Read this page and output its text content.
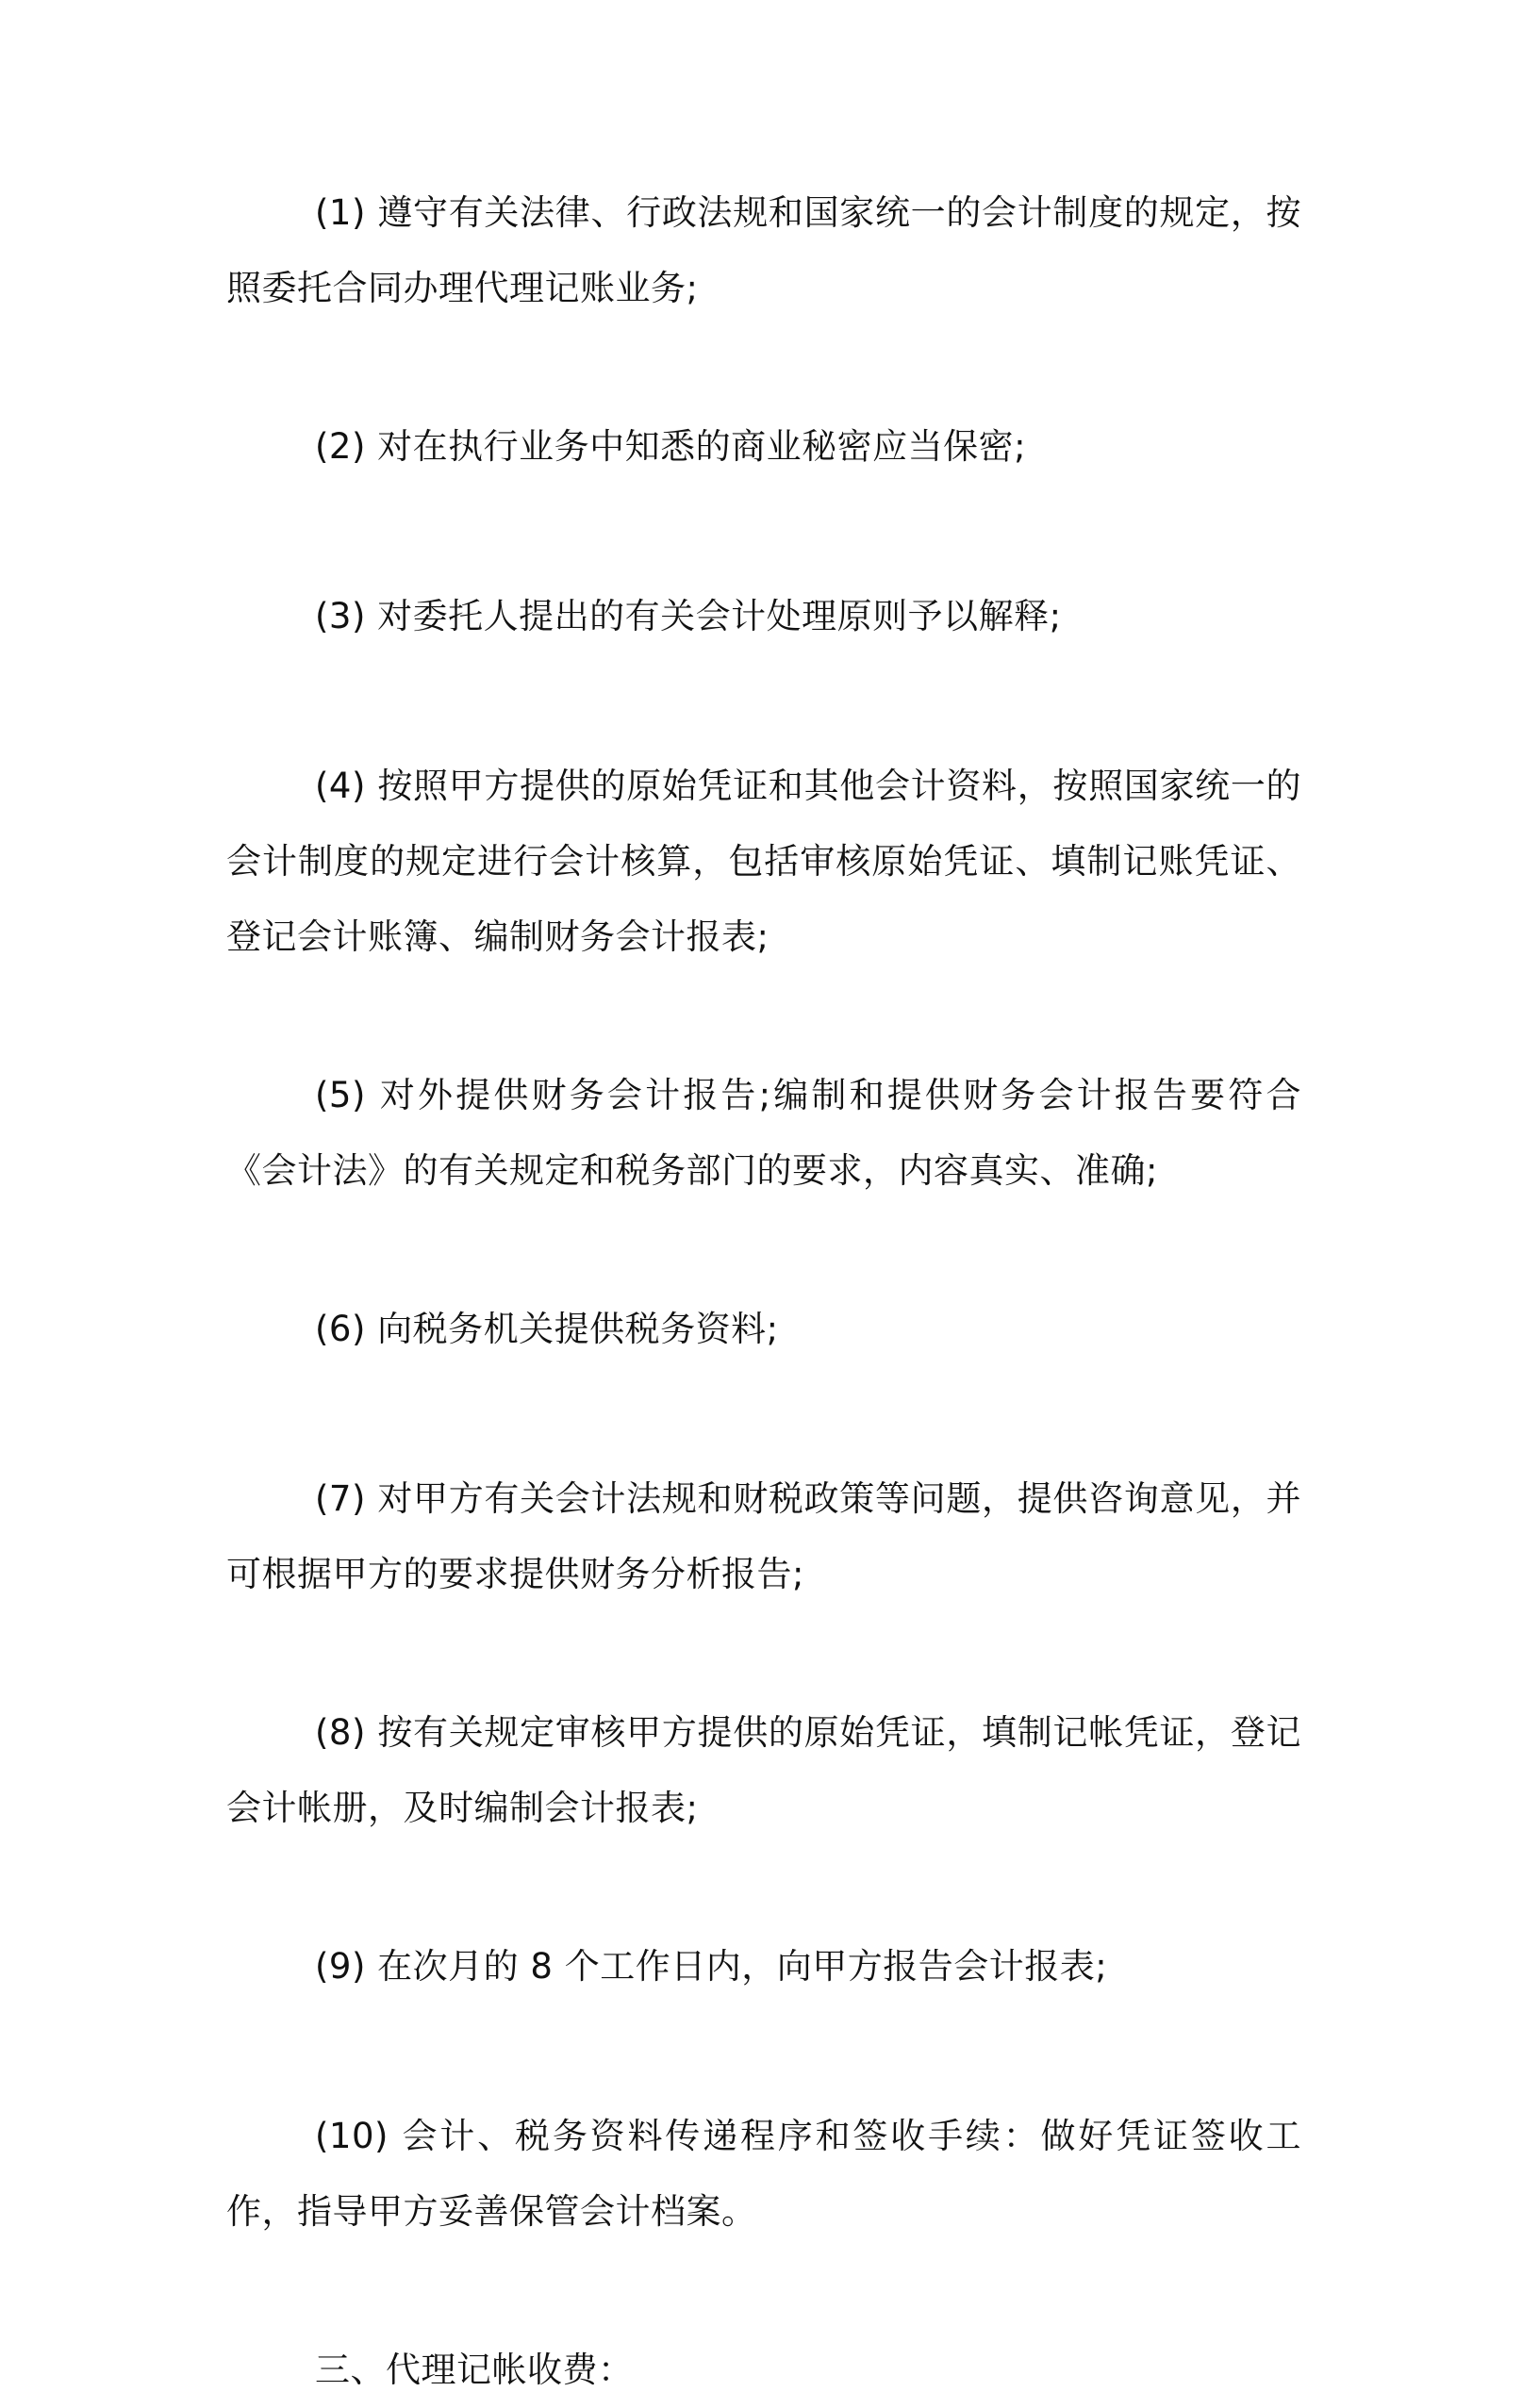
(1) 遵守有关法律、行政法规和国家统一的会计制度的规定，按照委托合同办理代理记账业务;

(2) 对在执行业务中知悉的商业秘密应当保密;

(3) 对委托人提出的有关会计处理原则予以解释;

(4) 按照甲方提供的原始凭证和其他会计资料，按照国家统一的会计制度的规定进行会计核算，包括审核原始凭证、填制记账凭证、登记会计账簿、编制财务会计报表;

(5) 对外提供财务会计报告;编制和提供财务会计报告要符合《会计法》的有关规定和税务部门的要求，内容真实、准确;

(6) 向税务机关提供税务资料;

(7) 对甲方有关会计法规和财税政策等问题，提供咨询意见，并可根据甲方的要求提供财务分析报告;

(8) 按有关规定审核甲方提供的原始凭证，填制记帐凭证，登记会计帐册，及时编制会计报表;

(9) 在次月的 8 个工作日内，向甲方报告会计报表;

(10) 会计、税务资料传递程序和签收手续：做好凭证签收工作，指导甲方妥善保管会计档案。

三、代理记帐收费：
